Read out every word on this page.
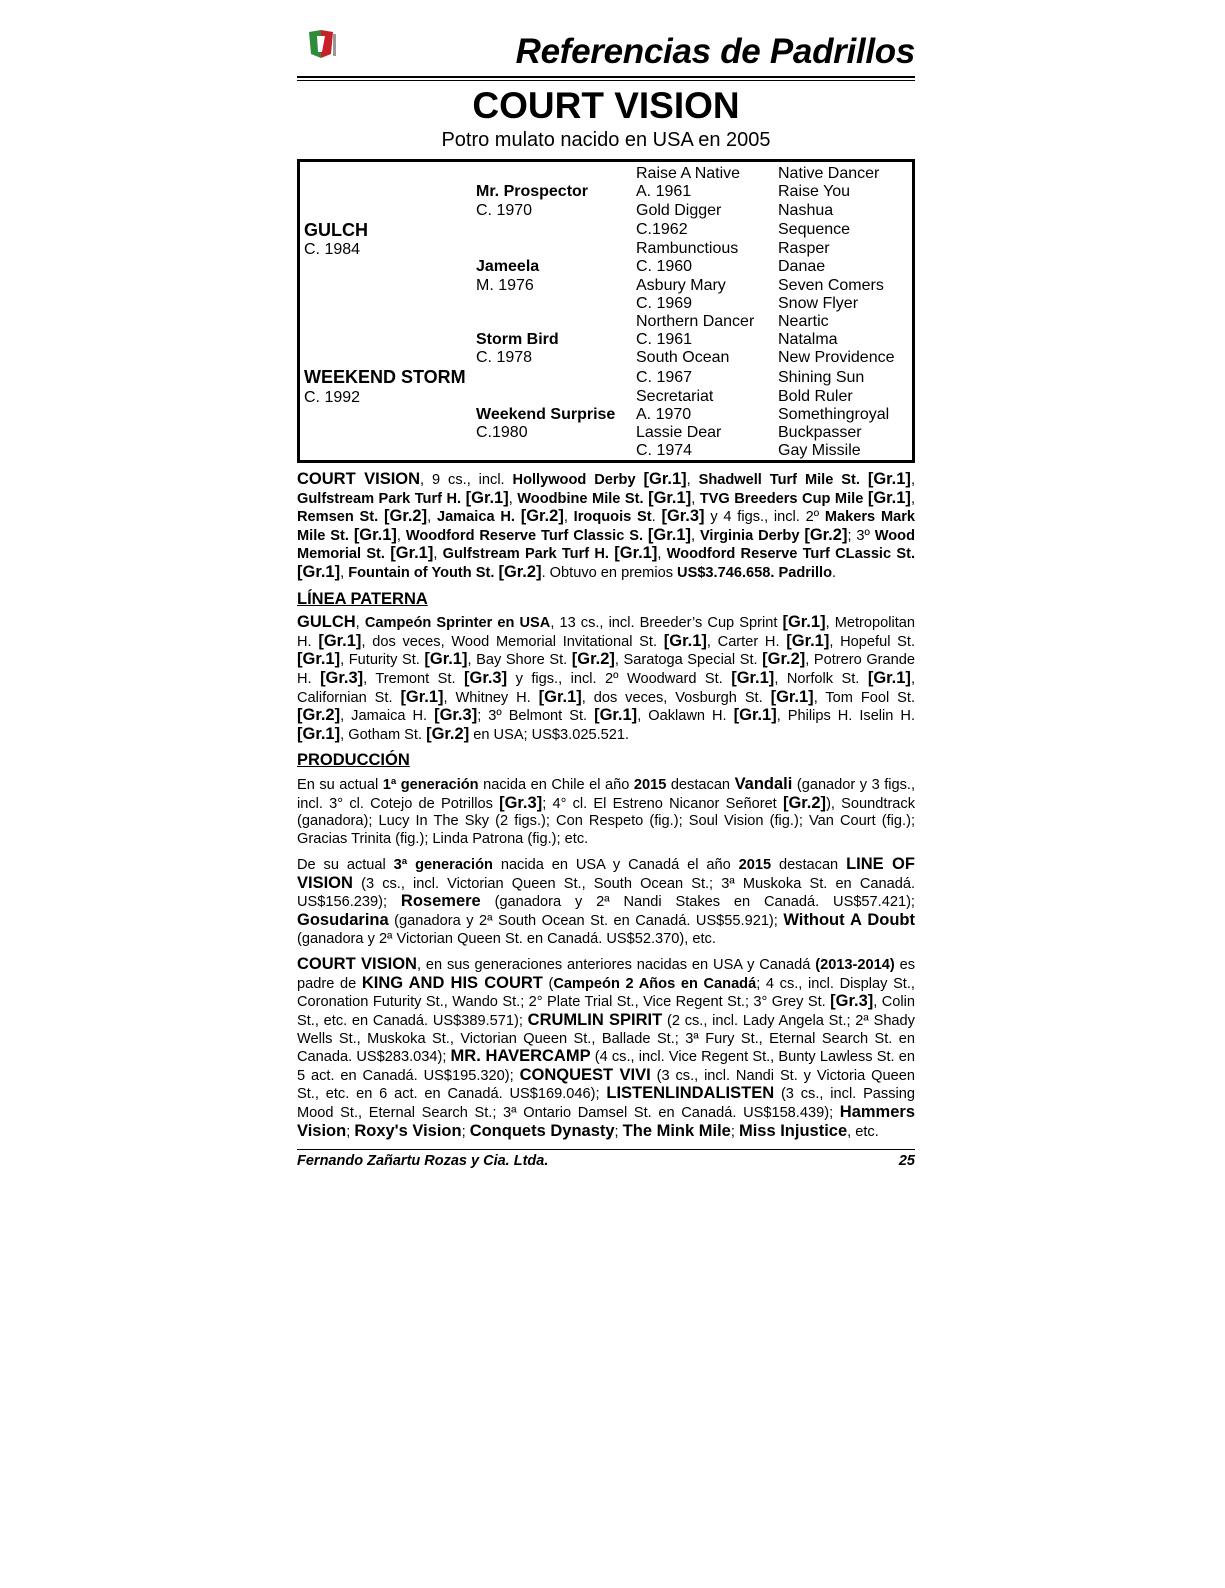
Referencias de Padrillos
COURT VISION
Potro mulato nacido en USA en 2005
GULCH
C. 1984
WEEKEND STORM
C. 1992
Mr. Prospector
C. 1970
Jameela
M. 1976
Storm Bird
C. 1978
Weekend Surprise
C.1980
Raise A Native
A. 1961
Gold Digger
C.1962
Rambunctious
C. 1960
Asbury Mary
C. 1969
Northern Dancer
C. 1961
South Ocean
C. 1967
Secretariat
A. 1970
Lassie Dear
C. 1974
Native Dancer
Raise You
Nashua
Sequence
Rasper
Danae
Seven Comers
Snow Flyer
Neartic
Natalma
New Providence
Shining Sun
Bold Ruler
Somethingroyal
Buckpasser
Gay Missile

COURT VISION, 9 cs., incl. Hollywood Derby [Gr.1], Shadwell Turf Mile St. [Gr.1], Gulfstream Park Turf H. [Gr.1], Woodbine Mile St. [Gr.1], TVG Breeders Cup Mile [Gr.1], Remsen St. [Gr.2], Jamaica H. [Gr.2], Iroquois St. [Gr.3] y 4 figs., incl. 2º Makers Mark Mile St. [Gr.1], Woodford Reserve Turf Classic S. [Gr.1], Virginia Derby [Gr.2]; 3º Wood Memorial St. [Gr.1], Gulfstream Park Turf H. [Gr.1], Woodford Reserve Turf CLassic St. [Gr.1], Fountain of Youth St. [Gr.2]. Obtuvo en premios US$3.746.658. Padrillo.

LÍNEA PATERNA

GULCH, Campeón Sprinter en USA, 13 cs., incl. Breeder’s Cup Sprint [Gr.1], Metropolitan H. [Gr.1], dos veces, Wood Memorial Invitational St. [Gr.1], Carter H. [Gr.1], Hopeful St. [Gr.1], Futurity St. [Gr.1], Bay Shore St. [Gr.2], Saratoga Special St. [Gr.2], Potrero Grande H. [Gr.3], Tremont St. [Gr.3] y figs., incl. 2º Woodward St. [Gr.1], Norfolk St. [Gr.1], Californian St. [Gr.1], Whitney H. [Gr.1], dos veces, Vosburgh St. [Gr.1], Tom Fool St. [Gr.2], Jamaica H. [Gr.3]; 3º Belmont St. [Gr.1], Oaklawn H. [Gr.1], Philips H. Iselin H. [Gr.1], Gotham St. [Gr.2] en USA; US$3.025.521.

PRODUCCIÓN

En su actual 1ª generación nacida en Chile el año 2015 destacan Vandali (ganador y 3 figs., incl. 3° cl. Cotejo de Potrillos [Gr.3]; 4° cl. El Estreno Nicanor Señoret [Gr.2]), Soundtrack (ganadora); Lucy In The Sky (2 figs.); Con Respeto (fig.); Soul Vision (fig.); Van Court (fig.); Gracias Trinita (fig.); Linda Patrona (fig.); etc.

De su actual 3ª generación nacida en USA y Canadá el año 2015 destacan LINE OF VISION (3 cs., incl. Victorian Queen St., South Ocean St.; 3ª Muskoka St. en Canadá. US$156.239); Rosemere (ganadora y 2ª Nandi Stakes en Canadá. US$57.421); Gosudarina (ganadora y 2ª South Ocean St. en Canadá. US$55.921); Without A Doubt (ganadora y 2ª Victorian Queen St. en Canadá. US$52.370), etc.

COURT VISION, en sus generaciones anteriores nacidas en USA y Canadá (2013-2014) es padre de KING AND HIS COURT (Campeón 2 Años en Canadá; 4 cs., incl. Display St., Coronation Futurity St., Wando St.; 2° Plate Trial St., Vice Regent St.; 3° Grey St. [Gr.3], Colin St., etc. en Canadá. US$389.571); CRUMLIN SPIRIT (2 cs., incl. Lady Angela St.; 2ª Shady Wells St., Muskoka St., Victorian Queen St., Ballade St.; 3ª Fury St., Eternal Search St. en Canada. US$283.034); MR. HAVERCAMP (4 cs., incl. Vice Regent St., Bunty Lawless St. en 5 act. en Canadá. US$195.320); CONQUEST VIVI (3 cs., incl. Nandi St. y Victoria Queen St., etc. en 6 act. en Canadá. US$169.046); LISTENLINDALISTEN (3 cs., incl. Passing Mood St., Eternal Search St.; 3ª Ontario Damsel St. en Canadá. US$158.439); Hammers Vision; Roxy's Vision; Conquets Dynasty; The Mink Mile; Miss Injustice, etc.

Fernando Zañartu Rozas y Cia. Ltda.	25
